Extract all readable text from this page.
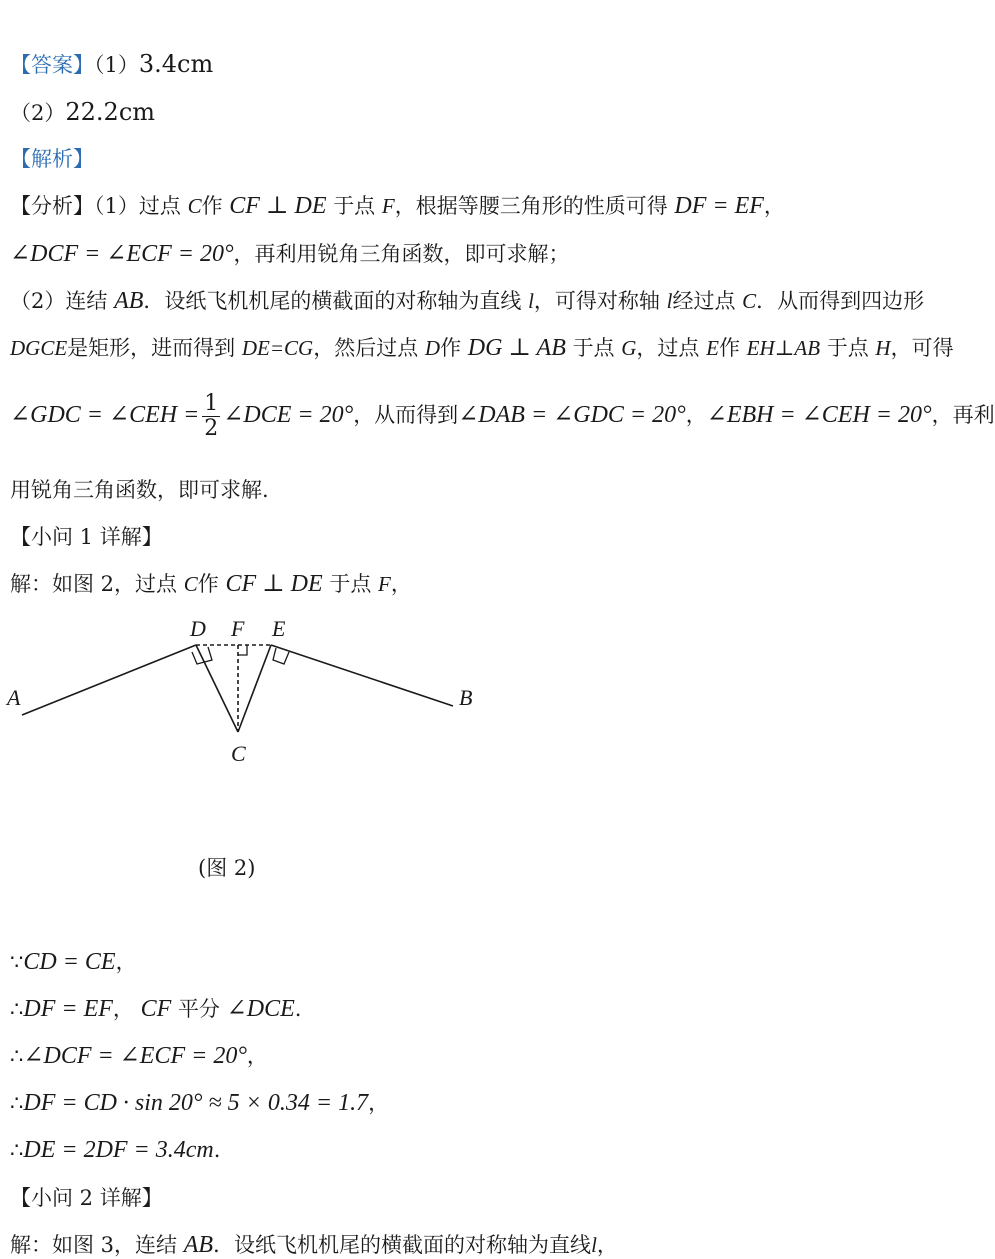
【答案】（1）3.4cm
（2）22.2cm
【解析】
【分析】（1）过点 C作 CF ⊥ DE 于点 F，根据等腰三角形的性质可得 DF = EF，
∠DCF = ∠ECF = 20°，再利用锐角三角函数，即可求解；
（2）连结 AB．设纸飞机机尾的横截面的对称轴为直线 l，可得对称轴 l经过点 C．从而得到四边形
DGCE是矩形，进而得到 DE=CG，然后过点 D作 DG ⊥ AB 于点 G，过点 E作 EH⊥AB 于点 H，可得
∠GDC = ∠CEH = $\frac{1}{2}$ ∠DCE = 20°，从而得到∠DAB = ∠GDC = 20°，∠EBH = ∠CEH = 20°，再利
用锐角三角函数，即可求解.
【小问 1 详解】
解：如图 2，过点 C作 CF ⊥ DE 于点 F，
A	B
C
D F E
(图 2)
∵CD = CE，
∴DF = EF， CF 平分 ∠DCE.
∴∠DCF = ∠ECF = 20°，
∴DF = CD · sin 20° ≈ 5 × 0.34 = 1.7，
∴DE = 2DF = 3.4cm.
【小问 2 详解】
解：如图 3，连结 AB．设纸飞机机尾的横截面的对称轴为直线l，
